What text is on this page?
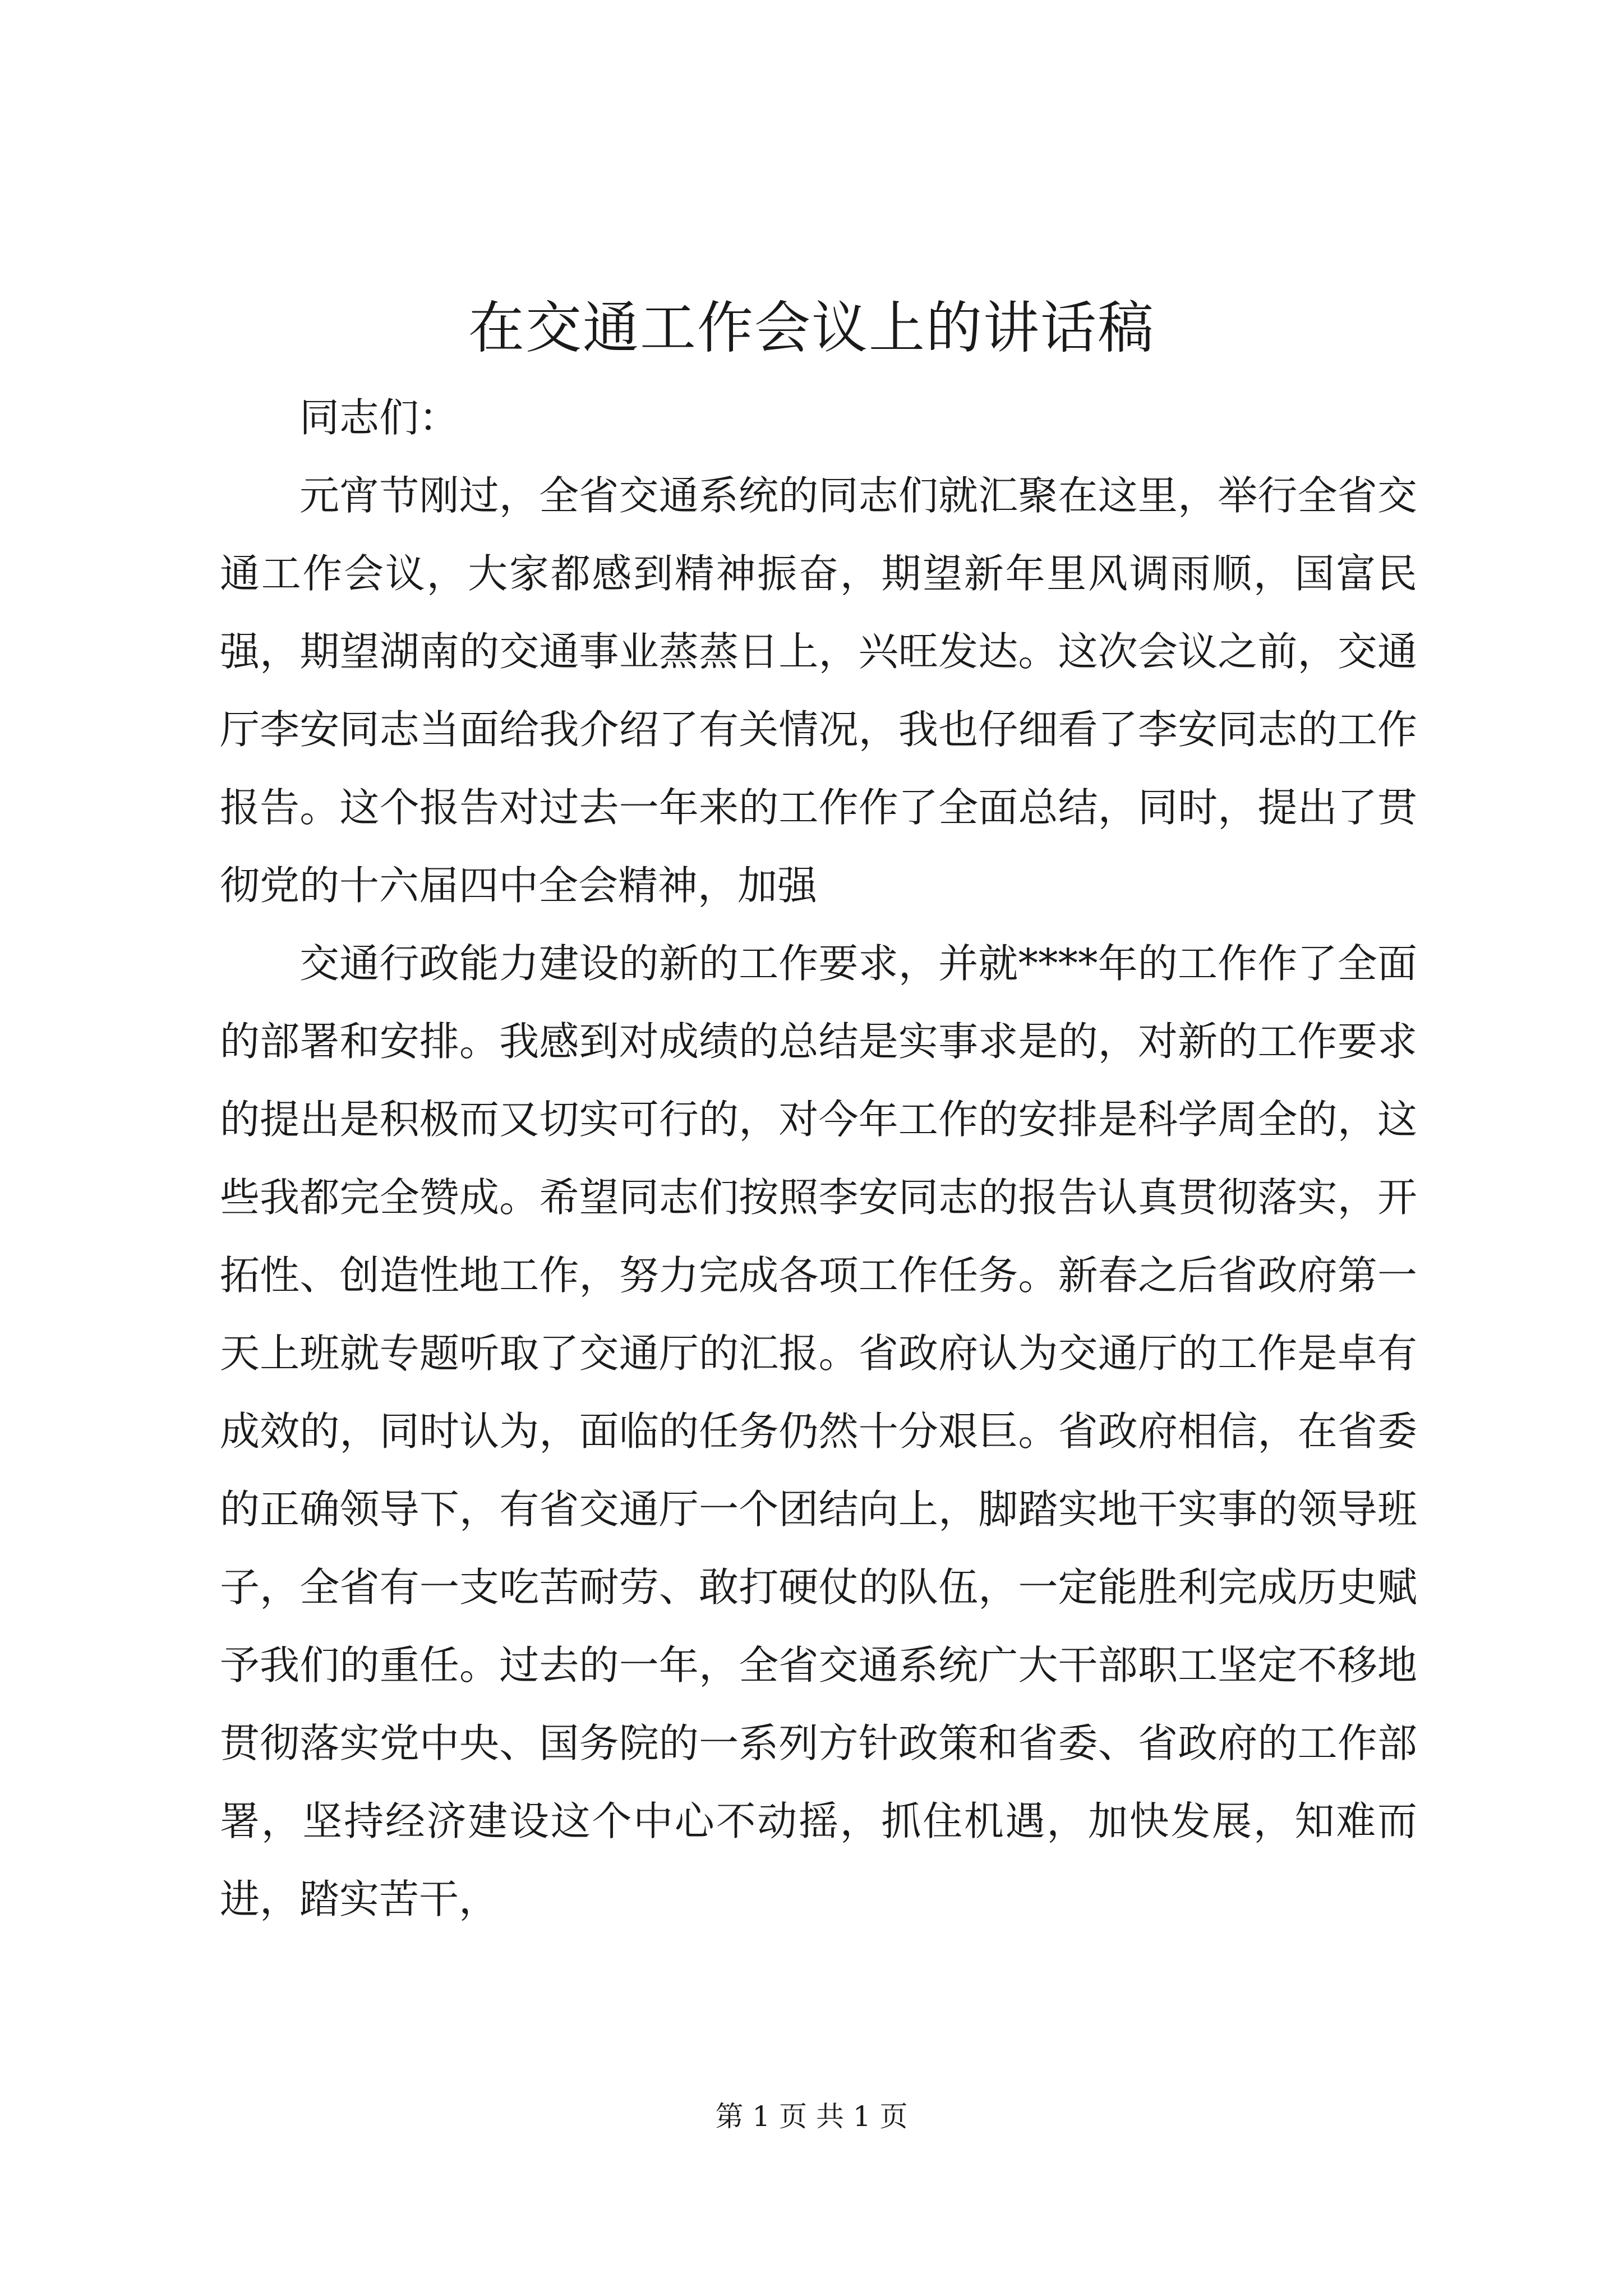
在交通工作会议上的讲话稿

同志们：

元宵节刚过，全省交通系统的同志们就汇聚在这里，举行全省交通工作会议，大家都感到精神振奋，期望新年里风调雨顺，国富民强，期望湖南的交通事业蒸蒸日上，兴旺发达。这次会议之前，交通厅李安同志当面给我介绍了有关情况，我也仔细看了李安同志的工作报告。这个报告对过去一年来的工作作了全面总结，同时，提出了贯彻党的十六届四中全会精神，加强

交通行政能力建设的新的工作要求，并就****年的工作作了全面的部署和安排。我感到对成绩的总结是实事求是的，对新的工作要求的提出是积极而又切实可行的，对今年工作的安排是科学周全的，这些我都完全赞成。希望同志们按照李安同志的报告认真贯彻落实，开拓性、创造性地工作，努力完成各项工作任务。新春之后省政府第一天上班就专题听取了交通厅的汇报。省政府认为交通厅的工作是卓有成效的，同时认为，面临的任务仍然十分艰巨。省政府相信，在省委的正确领导下，有省交通厅一个团结向上，脚踏实地干实事的领导班子，全省有一支吃苦耐劳、敢打硬仗的队伍，一定能胜利完成历史赋予我们的重任。过去的一年，全省交通系统广大干部职工坚定不移地贯彻落实党中央、国务院的一系列方针政策和省委、省政府的工作部署，坚持经济建设这个中心不动摇，抓住机遇，加快发展，知难而进，踏实苦干，

第 1 页 共 1 页
